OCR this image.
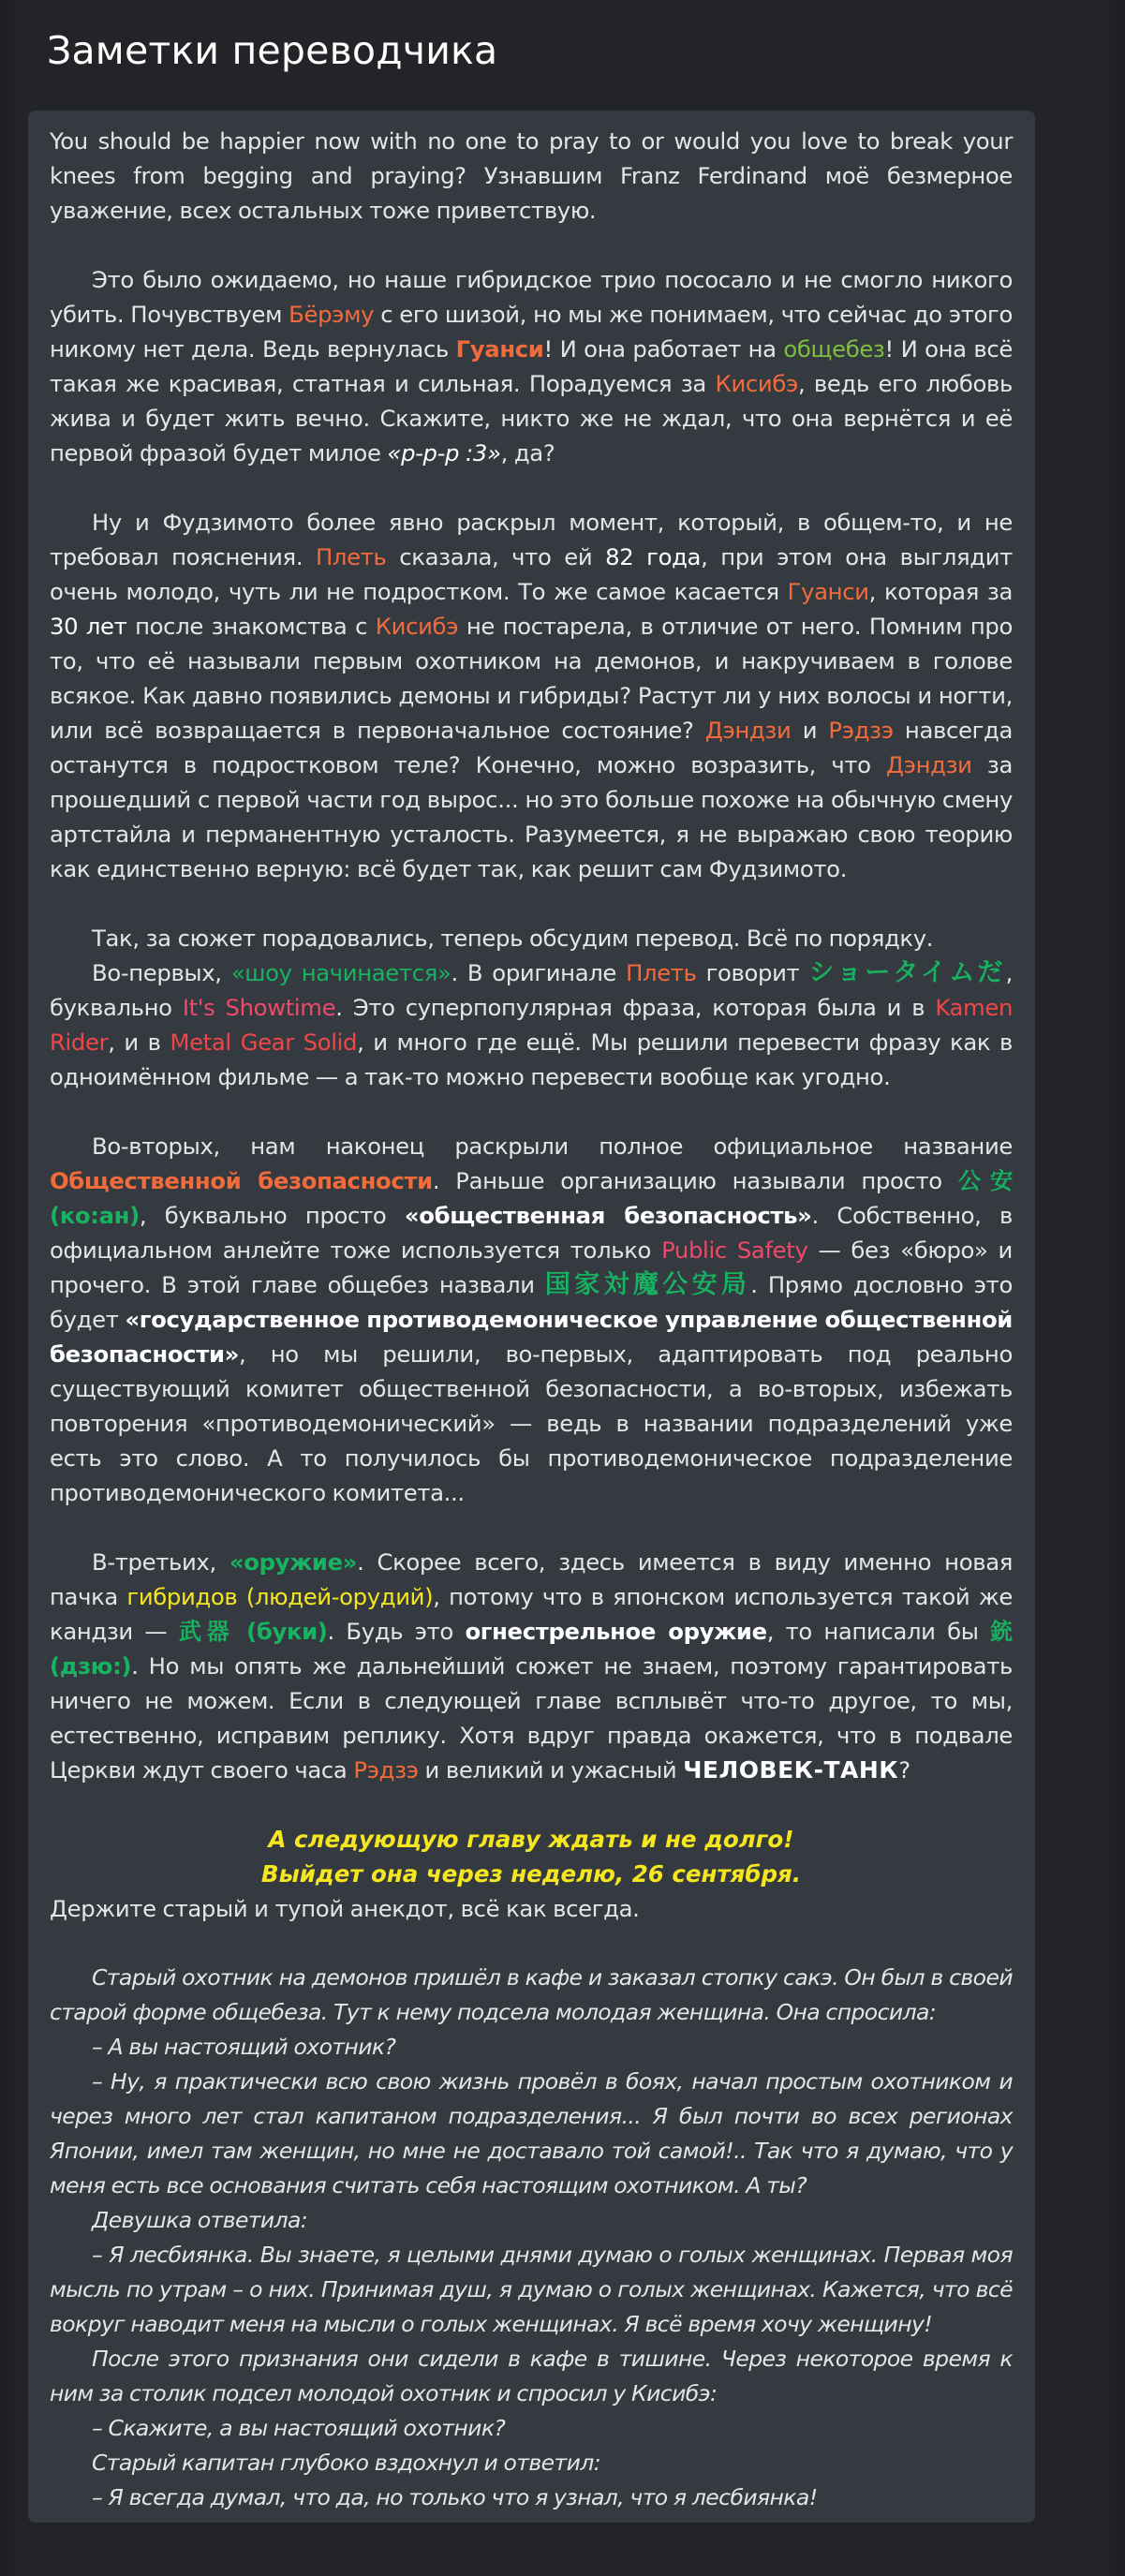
Заметки переводчика

You should be happier now with no one to pray to or would you love to break your knees from begging and praying? Узнавшим Franz Ferdinand моё безмерное уважение, всех остальных тоже приветствую.

Это было ожидаемо, но наше гибридское трио пососало и не смогло никого убить. Почувствуем Бёрэму с его шизой, но мы же понимаем, что сейчас до этого никому нет дела. Ведь вернулась Гуанси! И она работает на общебез! И она всё такая же красивая, статная и сильная. Порадуемся за Кисибэ, ведь его любовь жива и будет жить вечно. Скажите, никто же не ждал, что она вернётся и её первой фразой будет милое «р-р-р :3», да?

Ну и Фудзимото более явно раскрыл момент, который, в общем-то, и не требовал пояснения. Плеть сказала, что ей 82 года, при этом она выглядит очень молодо, чуть ли не подростком. То же самое касается Гуанси, которая за 30 лет после знакомства с Кисибэ не постарела, в отличие от него. Помним про то, что её называли первым охотником на демонов, и накручиваем в голове всякое. Как давно появились демоны и гибриды? Растут ли у них волосы и ногти, или всё возвращается в первоначальное состояние? Дэндзи и Рэдзэ навсегда останутся в подростковом теле? Конечно, можно возразить, что Дэндзи за прошедший с первой части год вырос... но это больше похоже на обычную смену артстайла и перманентную усталость. Разумеется, я не выражаю свою теорию как единственно верную: всё будет так, как решит сам Фудзимото.

Так, за сюжет порадовались, теперь обсудим перевод. Всё по порядку.

Во-первых, «шоу начинается». В оригинале Плеть говорит ショータイムだ, буквально It's Showtime. Это суперпопулярная фраза, которая была и в Kamen Rider, и в Metal Gear Solid, и много где ещё. Мы решили перевести фразу как в одноимённом фильме — а так-то можно перевести вообще как угодно.

Во-вторых, нам наконец раскрыли полное официальное название Общественной безопасности. Раньше организацию называли просто 公安 (ко:ан), буквально просто «общественная безопасность». Собственно, в официальном анлейте тоже используется только Public Safety — без «бюро» и прочего. В этой главе общебез назвали 国家対魔公安局. Прямо дословно это будет «государственное противодемоническое управление общественной безопасности», но мы решили, во-первых, адаптировать под реально существующий комитет общественной безопасности, а во-вторых, избежать повторения «противодемонический» — ведь в названии подразделений уже есть это слово. А то получилось бы противодемоническое подразделение противодемонического комитета...

В-третьих, «оружие». Скорее всего, здесь имеется в виду именно новая пачка гибридов (людей-орудий), потому что в японском используется такой же кандзи — 武器 (буки). Будь это огнестрельное оружие, то написали бы 銃 (дзю:). Но мы опять же дальнейший сюжет не знаем, поэтому гарантировать ничего не можем. Если в следующей главе всплывёт что-то другое, то мы, естественно, исправим реплику. Хотя вдруг правда окажется, что в подвале Церкви ждут своего часа Рэдзэ и великий и ужасный ЧЕЛОВЕК-ТАНК?

А следующую главу ждать и не долго!

Выйдет она через неделю, 26 сентября.

Держите старый и тупой анекдот, всё как всегда.

Старый охотник на демонов пришёл в кафе и заказал стопку сакэ. Он был в своей старой форме общебеза. Тут к нему подсела молодая женщина. Она спросила:

– А вы настоящий охотник?

– Ну, я практически всю свою жизнь провёл в боях, начал простым охотником и через много лет стал капитаном подразделения... Я был почти во всех регионах Японии, имел там женщин, но мне не доставало той самой!.. Так что я думаю, что у меня есть все основания считать себя настоящим охотником. А ты?

Девушка ответила:

– Я лесбиянка. Вы знаете, я целыми днями думаю о голых женщинах. Первая моя мысль по утрам – о них. Принимая душ, я думаю о голых женщинах. Кажется, что всё вокруг наводит меня на мысли о голых женщинах. Я всё время хочу женщину!

После этого признания они сидели в кафе в тишине. Через некоторое время к ним за столик подсел молодой охотник и спросил у Кисибэ:

– Скажите, а вы настоящий охотник?

Старый капитан глубоко вздохнул и ответил:

– Я всегда думал, что да, но только что я узнал, что я лесбиянка!
